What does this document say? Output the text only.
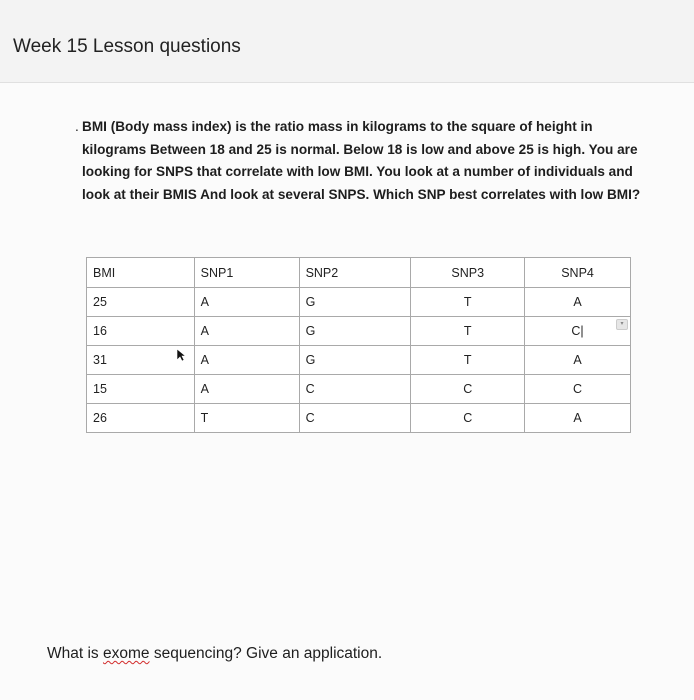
Week 15 Lesson questions
. BMI (Body mass index) is the ratio mass in kilograms to the square of height in kilograms Between 18 and 25 is normal. Below 18 is low and above 25 is high. You are looking for SNPS that correlate with low BMI. You look at a number of individuals and look at their BMIS And look at several SNPS. Which SNP best correlates with low BMI?
BMI	SNP1	SNP2	SNP3	SNP4
25	A	G	T	A
16	A	G	T	C|
31	A	G	T	A
15	A	C	C	C
26	T	C	C	A
▾
What is exome sequencing? Give an application.
